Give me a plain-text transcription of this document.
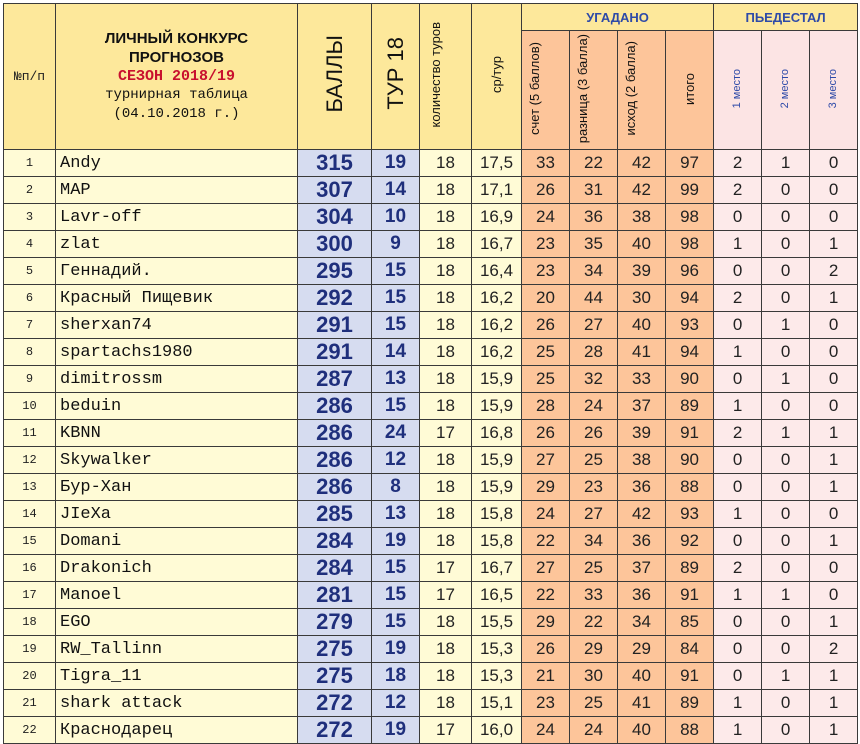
№п/п	ЛИЧНЫЙ КОНКУРС
ПРОГНОЗОВ
СЕЗОН 2018/19
турнирная таблица
(04.10.2018 г.)	БАЛЛЫ	ТУР 18	количество туров	ср/тур	УГАДАНО				ПЬЕДЕСТАЛ		
						счет (5 баллов)	разница (3 балла)	исход (2 балла)	итого	1 место	2 место	3 место
1	Andy	315	19	18	17,5	33	22	42	97	2	1	0
2	MAP	307	14	18	17,1	26	31	42	99	2	0	0
3	Lavr-off	304	10	18	16,9	24	36	38	98	0	0	0
4	zlat	300	9	18	16,7	23	35	40	98	1	0	1
5	Геннадий.	295	15	18	16,4	23	34	39	96	0	0	2
6	Красный Пищевик	292	15	18	16,2	20	44	30	94	2	0	1
7	sherxan74	291	15	18	16,2	26	27	40	93	0	1	0
8	spartachs1980	291	14	18	16,2	25	28	41	94	1	0	0
9	dimitrossm	287	13	18	15,9	25	32	33	90	0	1	0
10	beduin	286	15	18	15,9	28	24	37	89	1	0	0
11	KBNN	286	24	17	16,8	26	26	39	91	2	1	1
12	Skywalker	286	12	18	15,9	27	25	38	90	0	0	1
13	Бур-Хан	286	8	18	15,9	29	23	36	88	0	0	1
14	JIeXa	285	13	18	15,8	24	27	42	93	1	0	0
15	Domani	284	19	18	15,8	22	34	36	92	0	0	1
16	Drakonich	284	15	17	16,7	27	25	37	89	2	0	0
17	Manoel	281	15	17	16,5	22	33	36	91	1	1	0
18	EGO	279	15	18	15,5	29	22	34	85	0	0	1
19	RW_Tallinn	275	19	18	15,3	26	29	29	84	0	0	2
20	Tigra_11	275	18	18	15,3	21	30	40	91	0	1	1
21	shark attack	272	12	18	15,1	23	25	41	89	1	0	1
22	Краснодарец	272	19	17	16,0	24	24	40	88	1	0	1
